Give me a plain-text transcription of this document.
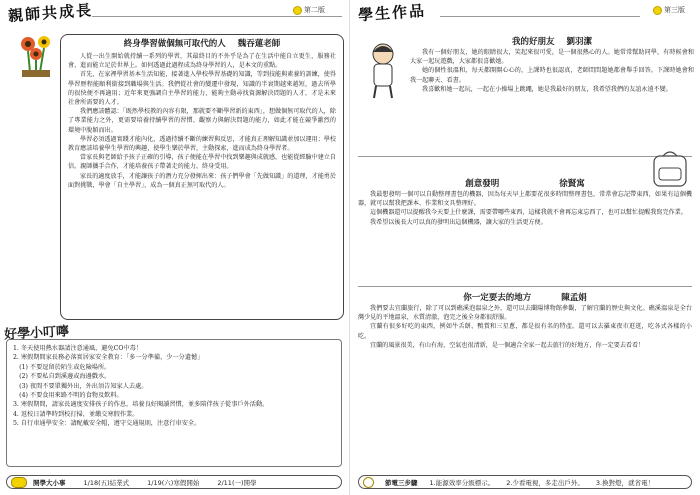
親師共成長	第二版
終身學習做個無可取代的人 魏吞蓮老師

人從一出生開始就持續一系列的學習，其最終目的不外乎是為了在生活中能自立更生，服務社會，進而能立足於世界上。如何透過此過程成為終身學習的人，是本文的重點。

首先，在家裡學習基本生活知能，接著進入學校學習基礎的知識，等到技能與素養的訓練，使得學習歷程能順利銜接到職場與生活。我們從社會的變遷中發現，知識的半衰期越來越短，過去所學的很快便不再適用；近年來更強調自主學習的能力，能夠主動尋找資源解決問題的人才，才是未來社會所需要的人才。

我們應該體認：「既然學校教的內容有限，那就要不斷學習新的東西」，想做個無可取代的人，除了專業能力之外，更需要培養持續學習的習慣、觀察力與解決問題的能力，如此才能在競爭激烈的環境中脫穎而出。

學習必須透過實踐才能內化，透過持續不斷的練習與反思，才能真正理解知識並加以運用；學校教育應該培養學生學習的興趣，使學生樂於學習，主動探索，進而成為終身學習者。

當家長與老師給予孩子正確的引導，孩子便能在學習中找到樂趣與成就感，也能從經驗中建立自信。親師攜手合作，才能培養孩子帶著走的能力，終身受用。

家長的適度放手，才能讓孩子的潛力充分發揮出來：孩子們學會「先做知識」的道理，才能勇於面對挑戰，學會「自主學習」，成為一個真正無可取代的人。

好學小叮嚀
1. 冬天使用熱水器請注意通風，避免CO中毒！
2. 寒假期間家長務必落實居家安全教育：「多一分準備，少一分遺憾」
　(1) 不要逗留於陌生或危險場所。
　(2) 不要私自到溪邊或海邊戲水。
　(3) 夜間不要單獨外出，外出須告知家人去處。
　(4) 不要食用來路不明的食物及飲料。
3. 寒假期間，請家長適度安排孩子的作息，培養良好閱讀習慣，並多陪伴孩子從事戶外活動。
4. 返校日請準時到校打掃，並繳交寒假作業。
5. 自行車通學安全：請配戴安全帽，遵守交通規則，注意行車安全。
開學大小事	1/18(五)結業式	1/19(六)寒假開始	2/11(一)開學
學生作品	第三版
我的好朋友 劉羽潔

我有一個好朋友，她的眼睛很大，笑起來很可愛，是一個很熱心的人。她常常幫助同學，有時候會和大家一起玩遊戲，大家都很喜歡她。

她的個性很溫和，每天都開開心心的，上課時也很認真，老師問問題她都會舉手回答。下課時她會和我一起聊天、看書。

我喜歡和她一起玩，一起在小操場上跳繩，她是我最好的朋友，我希望我們的友誼永遠不變。

創意發明	徐賢寓

我最想發明一個可以自動整理書包的機器，因為每天早上都要花很多時間整理書包，常常會忘記帶東西，如果有這個機器，就可以幫我把課本、作業和文具整理好。

這個機器還可以提醒我今天要上什麼課，需要帶哪些東西，這樣我就不會再忘東忘西了，也可以幫忙提醒我寫完作業。

我希望以後長大可以真的發明出這個機器，讓大家的生活更方便。

你一定要去的地方	陳孟娟

我們要去宜蘭旅行，除了可以到礁溪泡溫泉之外，還可以去蘭陽博物館參觀，了解宜蘭的歷史與文化。礁溪溫泉是全台灣少見的平地溫泉，水質清澈，泡完之後全身都很舒服。

宜蘭有很多好吃的東西，例如牛舌餅、鴨賞和三星蔥，都是很有名的特產。還可以去羅東夜市逛逛，吃各式各樣的小吃。

宜蘭的風景很美，有山有海，空氣也很清新，是一個適合全家一起去旅行的好地方，你一定要去看看！

節電三步驟 1.能源效率分級標示。 2.少看電視，多走出戶外。 3.換對燈，就省電！
